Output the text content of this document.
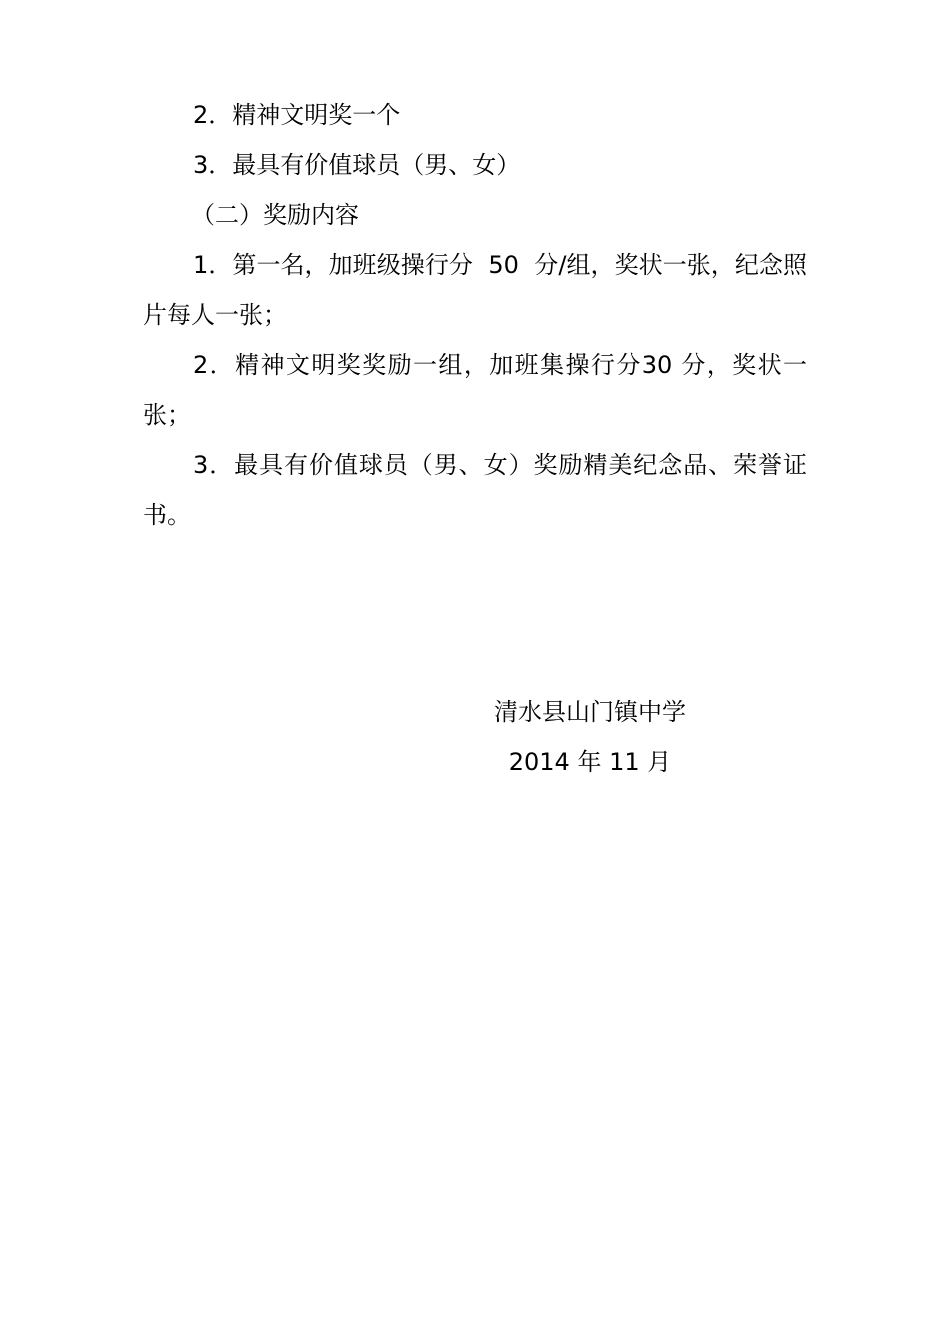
2．精神文明奖一个

3．最具有价值球员（男、女）

（二）奖励内容

1．第一名，加班级操行分  50  分/组，奖状一张，纪念照片每人一张；

2．精神文明奖奖励一组，加班集操行分30 分，奖状一张；

3．最具有价值球员（男、女）奖励精美纪念品、荣誉证书。

清水县山门镇中学
2014 年 11 月
